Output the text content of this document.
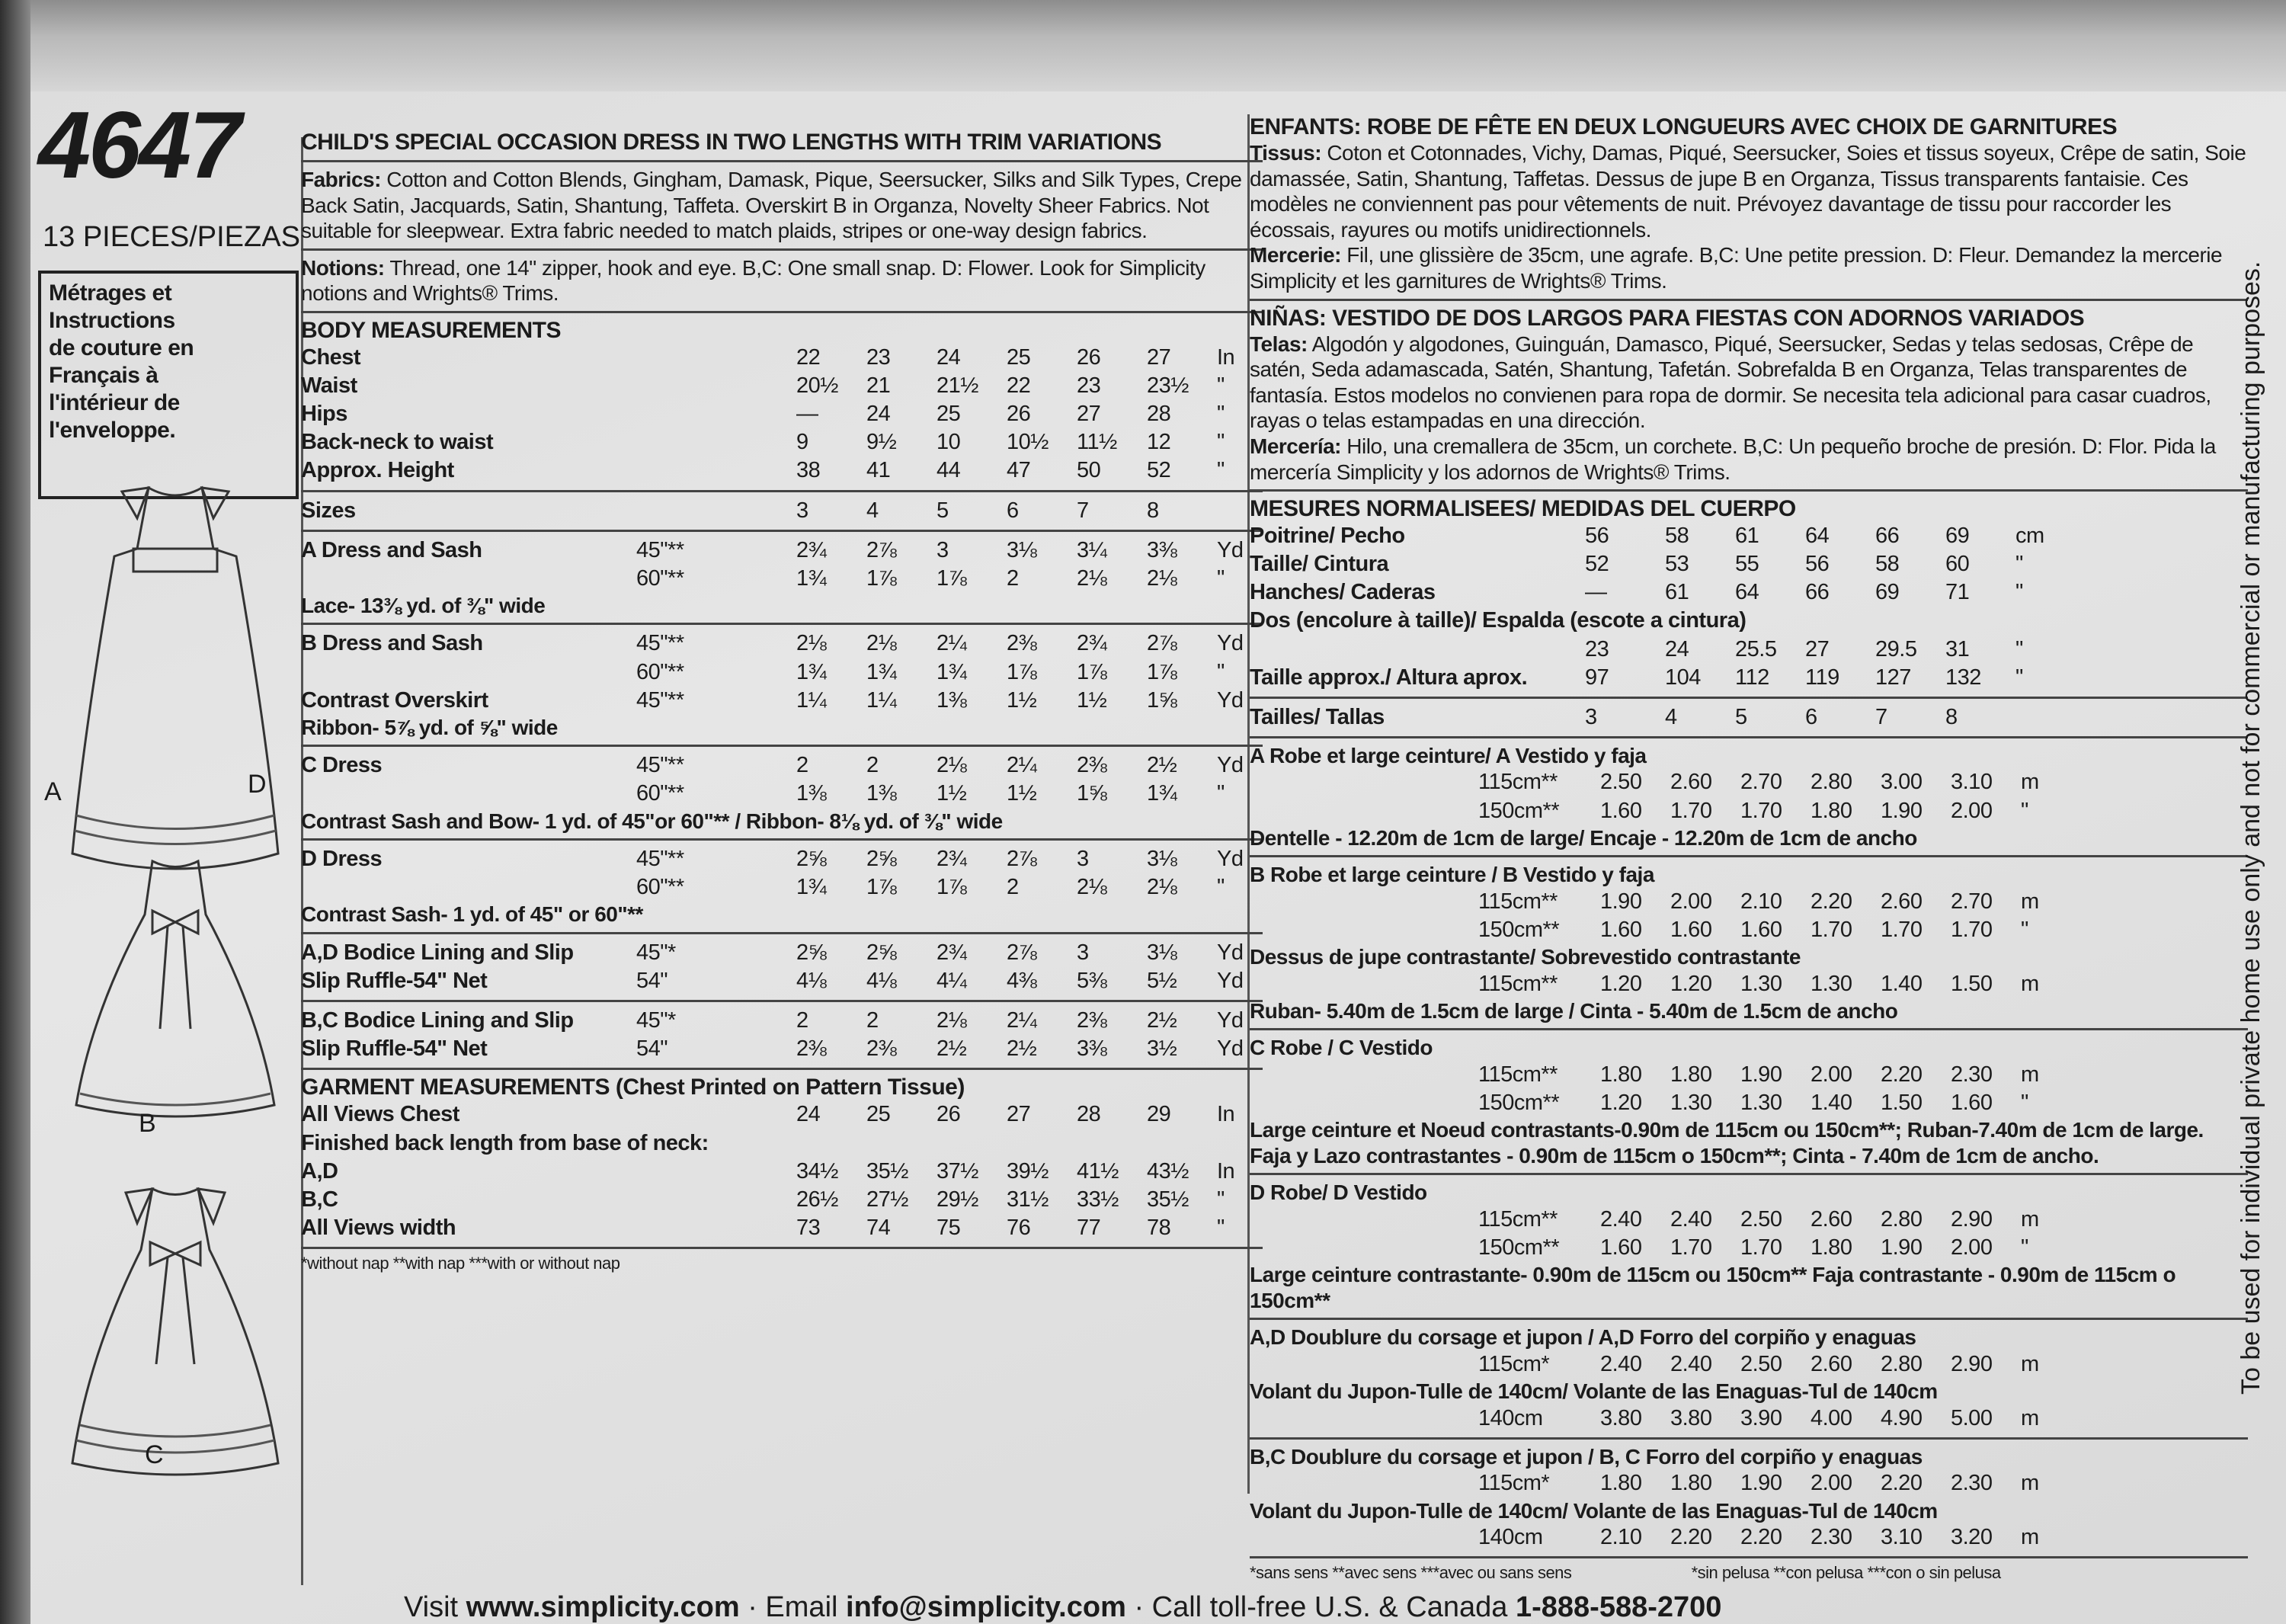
4647
13 PIECES/PIEZAS
Métrages et Instructions
de couture en Français à
l'intérieur de
l'enveloppe.
A	D
B
C
CHILD'S SPECIAL OCCASION DRESS IN TWO LENGTHS WITH TRIM VARIATIONS
Fabrics: Cotton and Cotton Blends, Gingham, Damask, Pique, Seersucker, Silks and Silk Types, Crepe Back Satin, Jacquards, Satin, Shantung, Taffeta. Overskirt B in Organza, Novelty Sheer Fabrics. Not suitable for sleepwear. Extra fabric needed to match plaids, stripes or one-way design fabrics.
Notions: Thread, one 14" zipper, hook and eye. B,C: One small snap. D: Flower. Look for Simplicity notions and Wrights® Trims.
BODY MEASUREMENTS
Chest	22	23	24	25	26	27	In
Waist	20½	21	21½	22	23	23½	"
Hips	—	24	25	26	27	28	"
Back-neck to waist	9	9½	10	10½	11½	12	"
Approx. Height	38	41	44	47	50	52	"
Sizes	3	4	5	6	7	8
A Dress and Sash	45"**	2¾	2⅞	3	3⅛	3¼	3⅜	Yd
60"**	1¾	1⅞	1⅞	2	2⅛	2⅛	"
Lace- 13⅜ yd. of ⅜" wide
B Dress and Sash	45"**	2⅛	2⅛	2¼	2⅜	2¾	2⅞	Yd
60"**	1¾	1¾	1¾	1⅞	1⅞	1⅞	"
Contrast Overskirt	45"**	1¼	1¼	1⅜	1½	1½	1⅝	Yd
Ribbon- 5⅞ yd. of ⅝" wide
C Dress	45"**	2	2	2⅛	2¼	2⅜	2½	Yd
60"**	1⅜	1⅜	1½	1½	1⅝	1¾	"
Contrast Sash and Bow- 1 yd. of 45"or 60"** / Ribbon- 8⅛ yd. of ⅜" wide
D Dress	45"**	2⅝	2⅝	2¾	2⅞	3	3⅛	Yd
60"**	1¾	1⅞	1⅞	2	2⅛	2⅛	"
Contrast Sash- 1 yd. of 45" or 60"**
A,D Bodice Lining and Slip	45"*	2⅝	2⅝	2¾	2⅞	3	3⅛	Yd
Slip Ruffle-54" Net	54"	4⅛	4⅛	4¼	4⅜	5⅜	5½	Yd
B,C Bodice Lining and Slip	45"*	2	2	2⅛	2¼	2⅜	2½	Yd
Slip Ruffle-54" Net	54"	2⅜	2⅜	2½	2½	3⅜	3½	Yd
GARMENT MEASUREMENTS (Chest Printed on Pattern Tissue)
All Views Chest	24	25	26	27	28	29	In
Finished back length from base of neck:
A,D	34½	35½	37½	39½	41½	43½	In
B,C	26½	27½	29½	31½	33½	35½	"
All Views width	73	74	75	76	77	78	"
*without nap **with nap ***with or without nap
ENFANTS: ROBE DE FÊTE EN DEUX LONGUEURS AVEC CHOIX DE GARNITURES
Tissus: Coton et Cotonnades, Vichy, Damas, Piqué, Seersucker, Soies et tissus soyeux, Crêpe de satin, Soie damassée, Satin, Shantung, Taffetas. Dessus de jupe B en Organza, Tissus transparents fantaisie. Ces modèles ne conviennent pas pour vêtements de nuit. Prévoyez davantage de tissu pour raccorder les écossais, rayures ou motifs unidirectionnels.
Mercerie: Fil, une glissière de 35cm, une agrafe. B,C: Une petite pression. D: Fleur. Demandez la mercerie Simplicity et les garnitures de Wrights® Trims.
NIÑAS: VESTIDO DE DOS LARGOS PARA FIESTAS CON ADORNOS VARIADOS
Telas: Algodón y algodones, Guinguán, Damasco, Piqué, Seersucker, Sedas y telas sedosas, Crêpe de satén, Seda adamascada, Satén, Shantung, Tafetán. Sobrefalda B en Organza, Telas transparentes de fantasía. Estos modelos no convienen para ropa de dormir. Se necesita tela adicional para casar cuadros, rayas o telas estampadas en una dirección.
Mercería: Hilo, una cremallera de 35cm, un corchete. B,C: Un pequeño broche de presión. D: Flor. Pida la mercería Simplicity y los adornos de Wrights® Trims.
MESURES NORMALISEES/ MEDIDAS DEL CUERPO
Poitrine/ Pecho	56	58	61	64	66	69	cm
Taille/ Cintura	52	53	55	56	58	60	"
Hanches/ Caderas	—	61	64	66	69	71	"
Dos (encolure à taille)/ Espalda (escote a cintura)
23	24	25.5	27	29.5	31	"
Taille approx./ Altura aprox.	97	104	112	119	127	132	"
Tailles/ Tallas	3	4	5	6	7	8
A Robe et large ceinture/ A Vestido y faja
115cm**	2.50	2.60	2.70	2.80	3.00	3.10	m
150cm**	1.60	1.70	1.70	1.80	1.90	2.00	"
Dentelle - 12.20m de 1cm de large/ Encaje - 12.20m de 1cm de ancho
B Robe et large ceinture / B Vestido y faja
115cm**	1.90	2.00	2.10	2.20	2.60	2.70	m
150cm**	1.60	1.60	1.60	1.70	1.70	1.70	"
Dessus de jupe contrastante/ Sobrevestido contrastante
115cm**	1.20	1.20	1.30	1.30	1.40	1.50	m
Ruban- 5.40m de 1.5cm de large / Cinta - 5.40m de 1.5cm de ancho
C Robe / C Vestido
115cm**	1.80	1.80	1.90	2.00	2.20	2.30	m
150cm**	1.20	1.30	1.30	1.40	1.50	1.60	"
Large ceinture et Noeud contrastants-0.90m de 115cm ou 150cm**; Ruban-7.40m de 1cm de large. Faja y Lazo contrastantes - 0.90m de 115cm o 150cm**; Cinta - 7.40m de 1cm de ancho.
D Robe/ D Vestido
115cm**	2.40	2.40	2.50	2.60	2.80	2.90	m
150cm**	1.60	1.70	1.70	1.80	1.90	2.00	"
Large ceinture contrastante- 0.90m de 115cm ou 150cm** Faja contrastante - 0.90m de 115cm o 150cm**
A,D Doublure du corsage et jupon / A,D Forro del corpiño y enaguas
115cm*	2.40	2.40	2.50	2.60	2.80	2.90	m
Volant du Jupon-Tulle de 140cm/ Volante de las Enaguas-Tul de 140cm
140cm	3.80	3.80	3.90	4.00	4.90	5.00	m
B,C Doublure du corsage et jupon / B, C Forro del corpiño y enaguas
115cm*	1.80	1.80	1.90	2.00	2.20	2.30	m
Volant du Jupon-Tulle de 140cm/ Volante de las Enaguas-Tul de 140cm
140cm	2.10	2.20	2.20	2.30	3.10	3.20	m
*sans sens **avec sens ***avec ou sans sens	*sin pelusa **con pelusa ***con o sin pelusa
To be used for individual private home use only and not for commercial or manufacturing purposes.
Visit www.simplicity.com · Email info@simplicity.com · Call toll-free U.S. & Canada 1-888-588-2700
